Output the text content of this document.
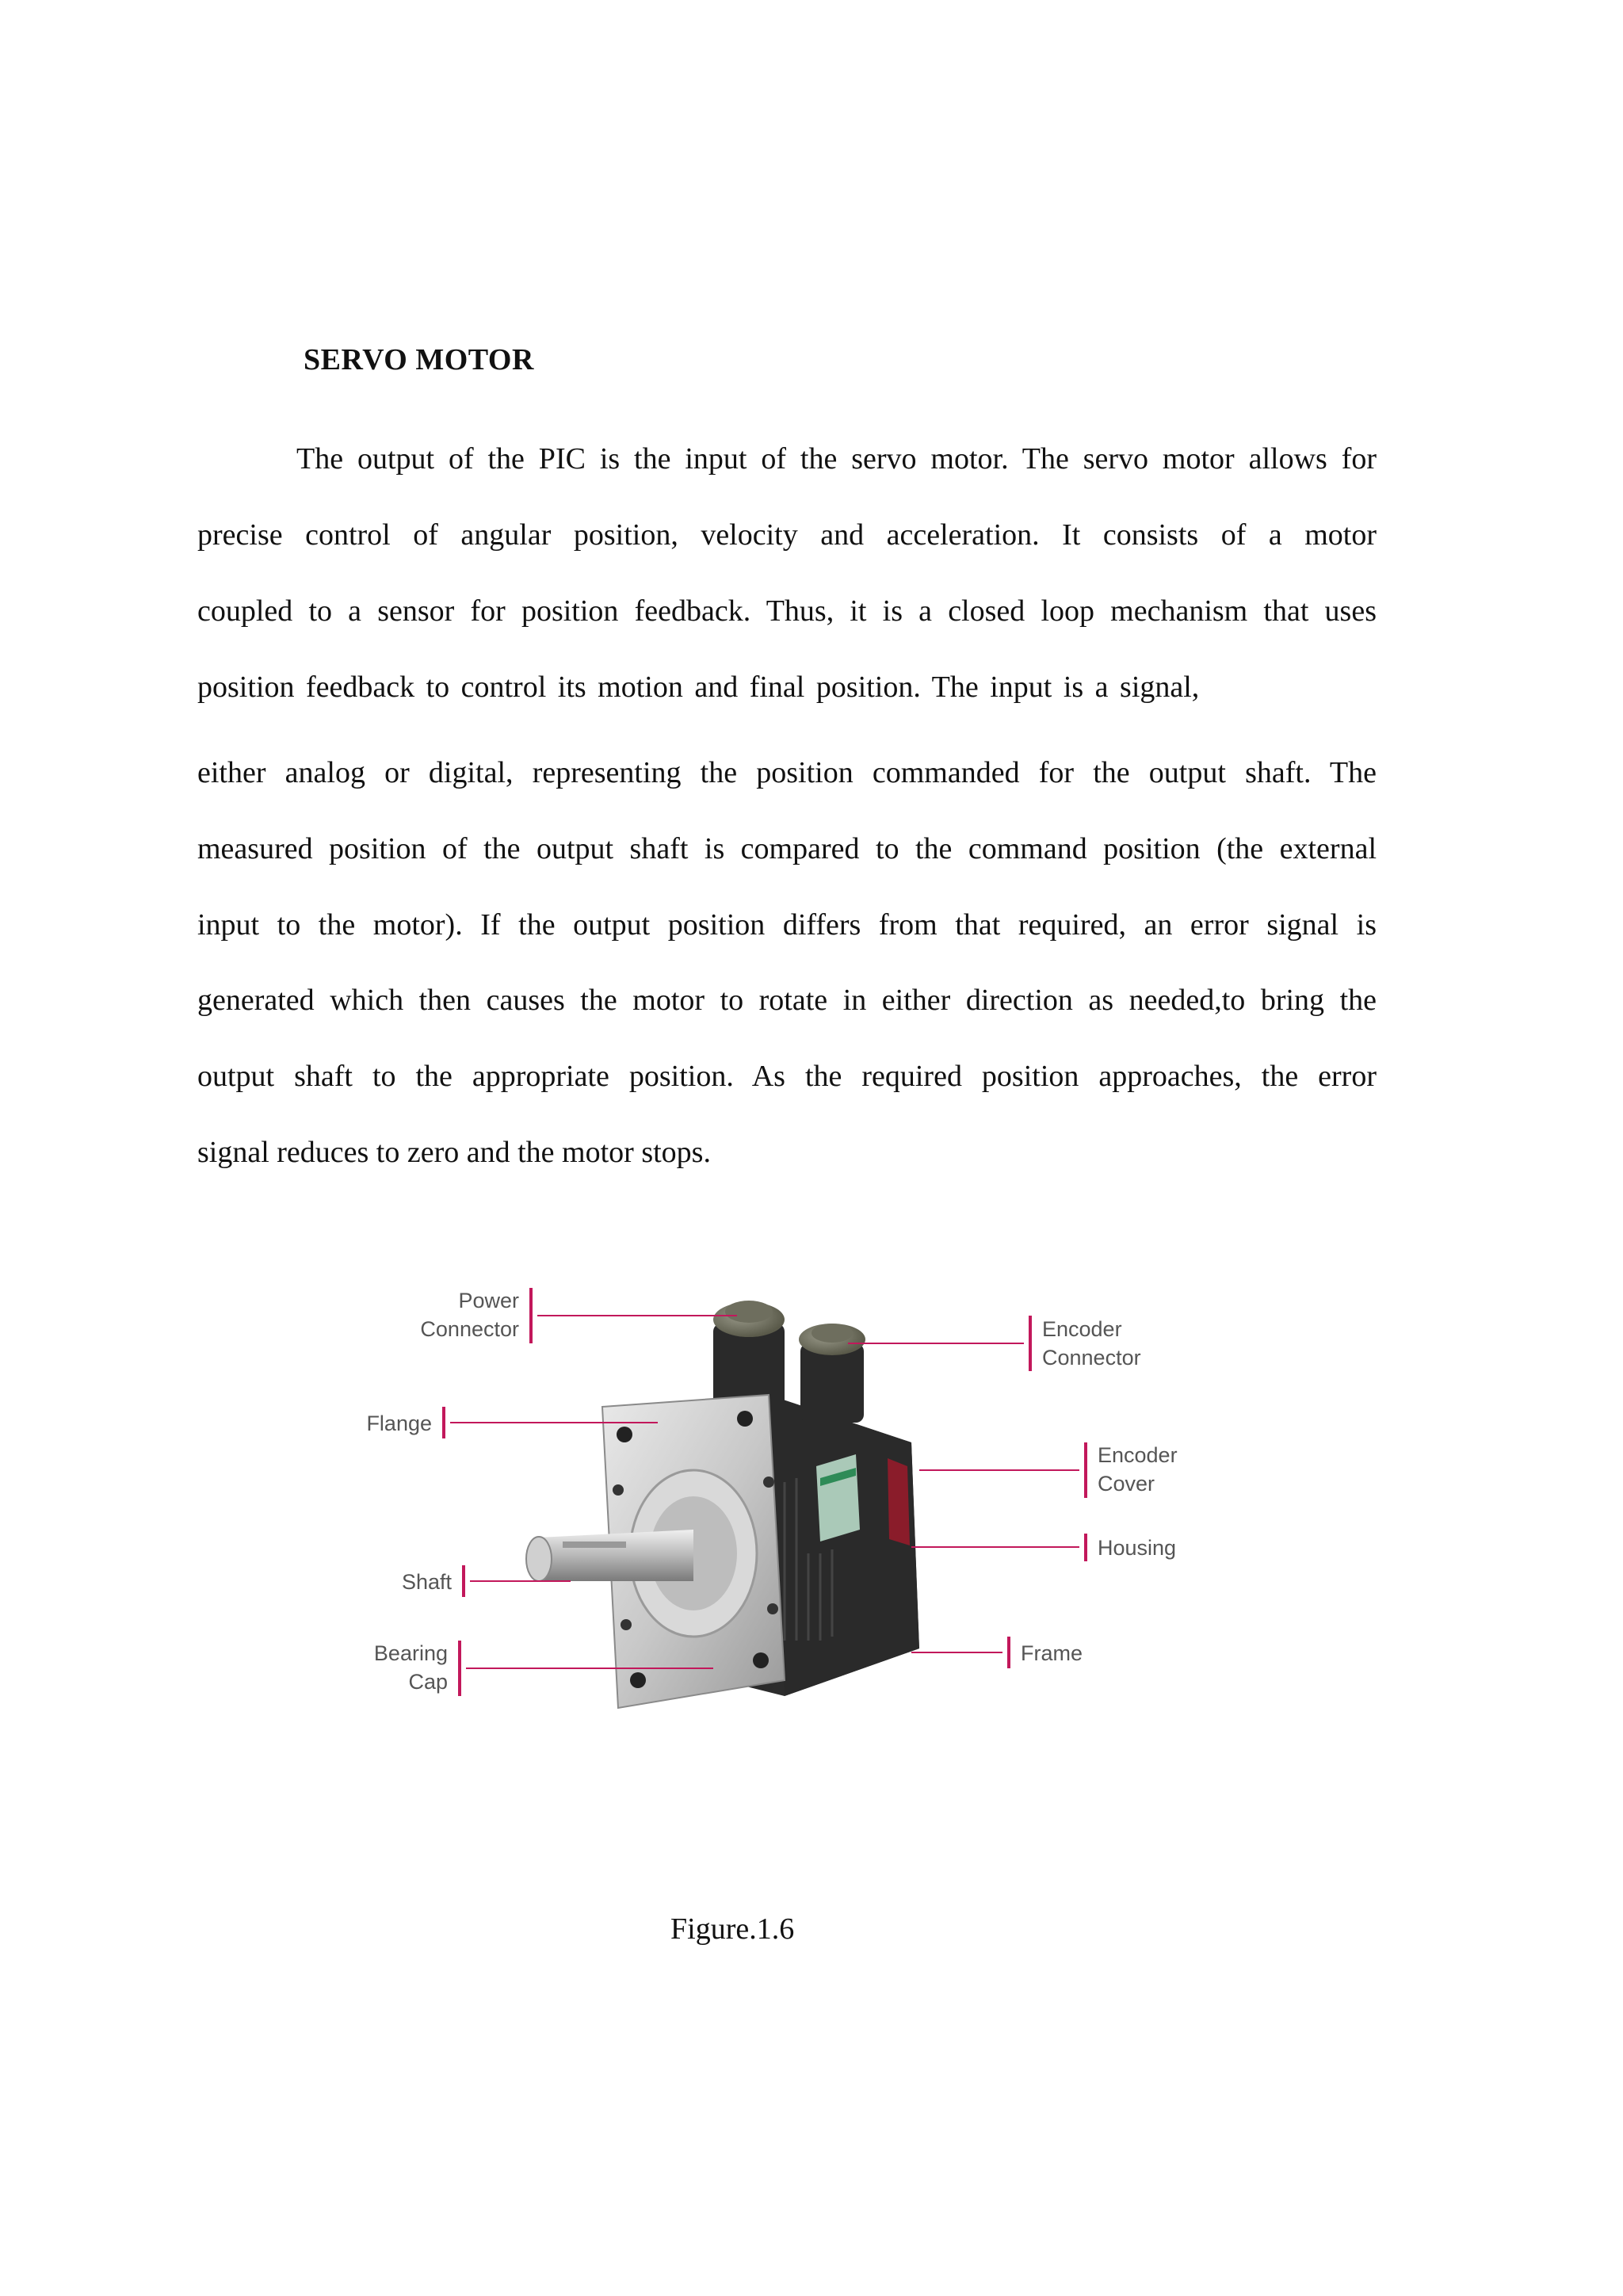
SERVO MOTOR
The output of the PIC is the input of the servo motor. The servo motor allows for
precise control of angular position, velocity and acceleration. It consists of a motor
coupled to a sensor for position feedback. Thus, it is a closed loop mechanism that uses
position feedback to control its motion and final position. The input is a signal,
either analog or digital, representing the position commanded for the output shaft. The
measured position of the output shaft is compared to the command position (the external
input to the motor). If the output position differs from that required, an error signal is
generated which then causes the motor to rotate in either direction as needed,to bring the
output shaft to the appropriate position. As the required position approaches, the error
signal reduces to zero and the motor stops.
Power
Connector
Flange
Shaft
Bearing
Cap
Encoder
Connector
Encoder
Cover
Housing
Frame
Figure.1.6
